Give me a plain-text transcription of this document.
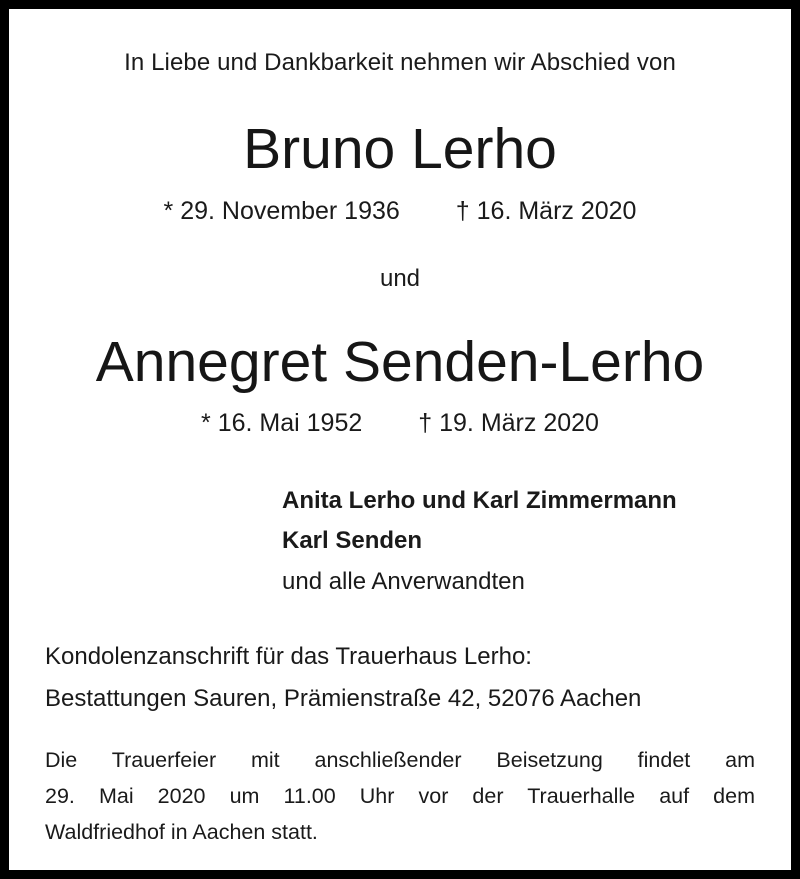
In Liebe und Dankbarkeit nehmen wir Abschied von

Bruno Lerho

* 29. November 1936 † 16. März 2020

und

Annegret Senden-Lerho

* 16. Mai 1952 † 19. März 2020

Anita Lerho und Karl Zimmermann

Karl Senden

und alle Anverwandten

Kondolenzanschrift für das Trauerhaus Lerho:

Bestattungen Sauren, Prämienstraße 42, 52076 Aachen

Die Trauerfeier mit anschließender Beisetzung findet am
29. Mai 2020 um 11.00 Uhr vor der Trauerhalle auf dem
Waldfriedhof in Aachen statt.
